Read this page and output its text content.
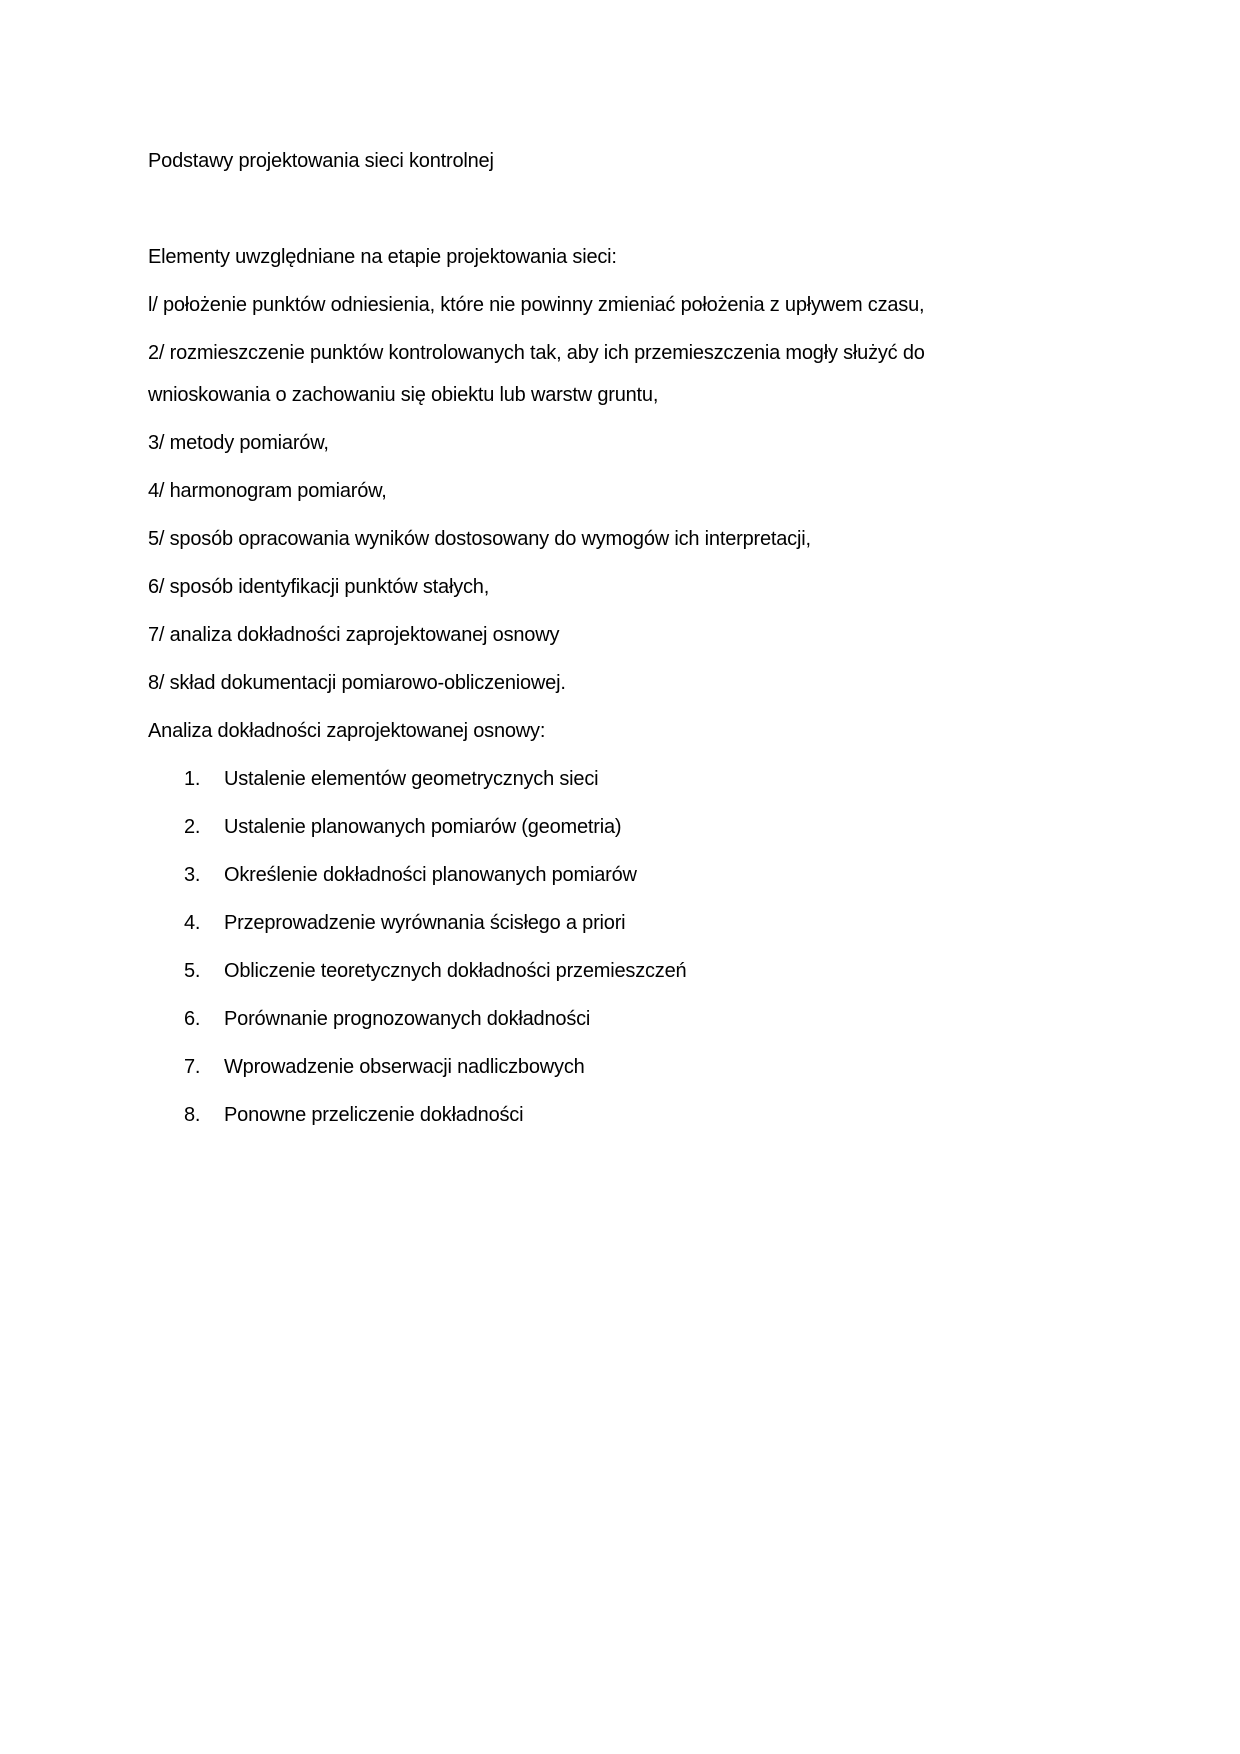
Podstawy projektowania sieci kontrolnej
Elementy uwzględniane na etapie projektowania sieci:
l/ położenie punktów odniesienia, które nie powinny zmieniać położenia z upływem czasu,
2/ rozmieszczenie punktów kontrolowanych tak, aby ich przemieszczenia mogły służyć do
wnioskowania o zachowaniu się obiektu lub warstw gruntu,
3/ metody pomiarów,
4/ harmonogram pomiarów,
5/ sposób opracowania wyników dostosowany do wymogów ich interpretacji,
6/ sposób identyfikacji punktów stałych,
7/ analiza dokładności zaprojektowanej osnowy
8/ skład dokumentacji pomiarowo-obliczeniowej.
Analiza dokładności zaprojektowanej osnowy:
1. Ustalenie elementów geometrycznych sieci
2. Ustalenie planowanych pomiarów (geometria)
3. Określenie dokładności planowanych pomiarów
4. Przeprowadzenie wyrównania ścisłego a priori
5. Obliczenie teoretycznych dokładności przemieszczeń
6. Porównanie prognozowanych dokładności
7. Wprowadzenie obserwacji nadliczbowych
8. Ponowne przeliczenie dokładności
